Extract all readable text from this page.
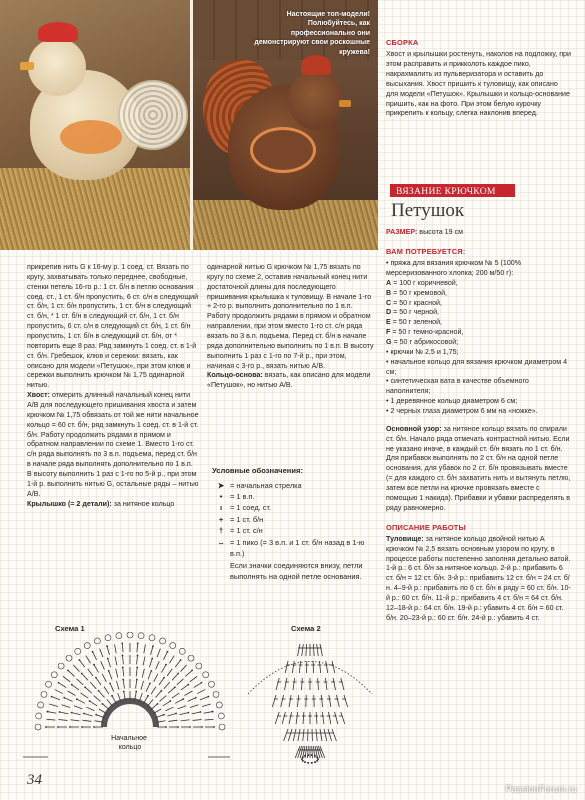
Настоящие топ-модели! Полюбуйтесь, как профессионально они демонстрируют свои роскошные кружева!
СБОРКА

Хвост и крылышки ростенуть, наколов на подложку, при этом расправить и прикколоть каждое пико, накрахмалить из пульверизатора и оставить до высыхания. Хвост пришить к туловищу, как описано для модели «Петушок». Крылышки и кольцо-основание пришить, как на фото. При этом белую курочку прикрепить к кольцу, слегка наклонив вперед.

ВЯЗАНИЕ КРЮЧКОМ
Петушок

РАЗМЕР: высота 19 см

ВАМ ПОТРЕБУЕТСЯ:

• пряжа для вязания крючком № 5 (100% мерсеризованного хлопка; 200 м/50 г):

A = 100 г коричневой,

B = 50 г кремовой,

C = 50 г красной,

D = 50 г черной,

E = 50 г зеленой,

F = 50 г темно-красной,

G = 50 г абрикосовой;

• крючки № 2,5 и 1,75;

• начальное кольцо для вязания крючком диаметром 4 см;

• синтетическая вата в качестве объемного наполнителя;

• 1 деревянное кольцо диаметром 6 см;

• 2 черных глаза диаметром 6 мм на «ножке».

Основной узор: за нитяное кольцо вязать по спирали ст. б/н. Начало ряда отмечать контрастной нитью. Если не указано иначе, в каждый ст. б/н вязать по 1 ст. б/н. Для прибавок выполнять по 2 ст. б/н на одной петле основания, для убавок по 2 ст. б/н провязывать вместе (= для каждого ст. б/н захватить нить и вытянуть петлю, затем все петли на крючке провязать вместе с помощью 1 накида). Прибавки и убавки распределять в ряду равномерно.

ОПИСАНИЕ РАБОТЫ

Туловище: за нитяное кольцо двойной нитью A крючком № 2,5 вязать основным узором по кругу, в процессе работы постепенно заполняя детально ватой. 1-й р.: 6 ст. б/н за нитяное кольцо. 2-й р.: прибавить 6 ст. б/н = 12 ст. б/н. 3-й р.: прибавить 12 ст. б/н = 24 ст. б/н. 4–9-й р.: прибавить по 6 ст. б/н в ряду = 60 ст. б/н. 10-й р.: 60 ст. б/н. 11-й р.: прибавить 4 ст. б/н = 64 ст. б/н. 12–18-й р.: 64 ст. б/н. 19-й р.: убавить 4 ст. б/н = 60 ст. б/н. 20–23-й р.: 60 ст. б/н. 24-й р.: убавить 4 ст.

прикрепив нить G к 16-му р. 1 соед. ст. Вязать по кругу, захватывать только переднее, свободные, стенки петель 16-го р.: 1 ст. б/н в петлю основания соед. ст., 1 ст. б/н пропустить, 6 ст. с/н в следующий ст. б/н, 1 ст. б/н пропустить, 1 ст. б/н в следующий ст. б/н, * 1 ст. б/н в следующий ст. б/н, 1 ст. б/н пропустить, 6 ст. с/н в следующий ст. б/н, 1 ст. б/н пропустить, 1 ст. б/н в следующий ст. б/н, от * повторить еще 8 раз. Ряд замкнуть 1 соед. ст. в 1-й ст. б/н. Гребешок, клюв и сережки: вязать, как описано для модели «Петушок», при этом клюв и сережки выполнить крючком № 1,75 одинарной нитью.

Хвост: отмерить длинный начальный конец нити A/B для последующего пришивания хвоста и затем крючком № 1,75 обвязать от той же нити начальное кольцо = 60 ст. б/н, ряд замкнуть 1 соед. ст. в 1-й ст. б/н. Работу продолжить рядами в прямом и обратном направлении по схеме 1. Вместо 1-го ст. с/н ряда выполнять по 3 в.п. подъема, перед ст. б/н в начале ряда выполнять дополнительно по 1 в.п.

В высоту выполнить 1 раз с 1-го по 5-й р., при этом 1-й р. выполнить нитью G, остальные ряды – нитью A/B.

Крылышко (= 2 детали): за нитяное кольцо

одинарной нитью G крючком № 1,75 вязать по кругу по схеме 2, оставив начальный конец нити достаточной длины для последующего пришивания крылышка к туловищу. В начале 1-го + 2-го р. выполнить дополнительно по 1 в.п. Работу продолжить рядами в прямом и обратном направлении, при этом вместо 1-го ст. с/н ряда вязать по 3 в.п. подъема. Перед ст. б/н в начале ряда дополнительно выполнить по 1 в.п. В высоту выполнить 1 раз с 1-го по 7-й р., при этом, начиная с 3-го р., вязать нитью A/B.

Кольцо-основа: вязать, как описано для модели «Петушок», но нитью A/B.

Условные обозначения:
➤ = начальная стрелка
•	= 1 в.п.
ı	= 1 соед. ст.
+ = 1 ст. б/н
† = 1 ст. с/н
⌣ = 1 пико (= 3 в.п. и 1 ст. б/н назад в 1-ю в.п.)
Если значки соединяются внизу, петли выполнять на одной петле основания.
Схема 1
Начальное кольцо
Схема 2
34
PassionForum.ru
